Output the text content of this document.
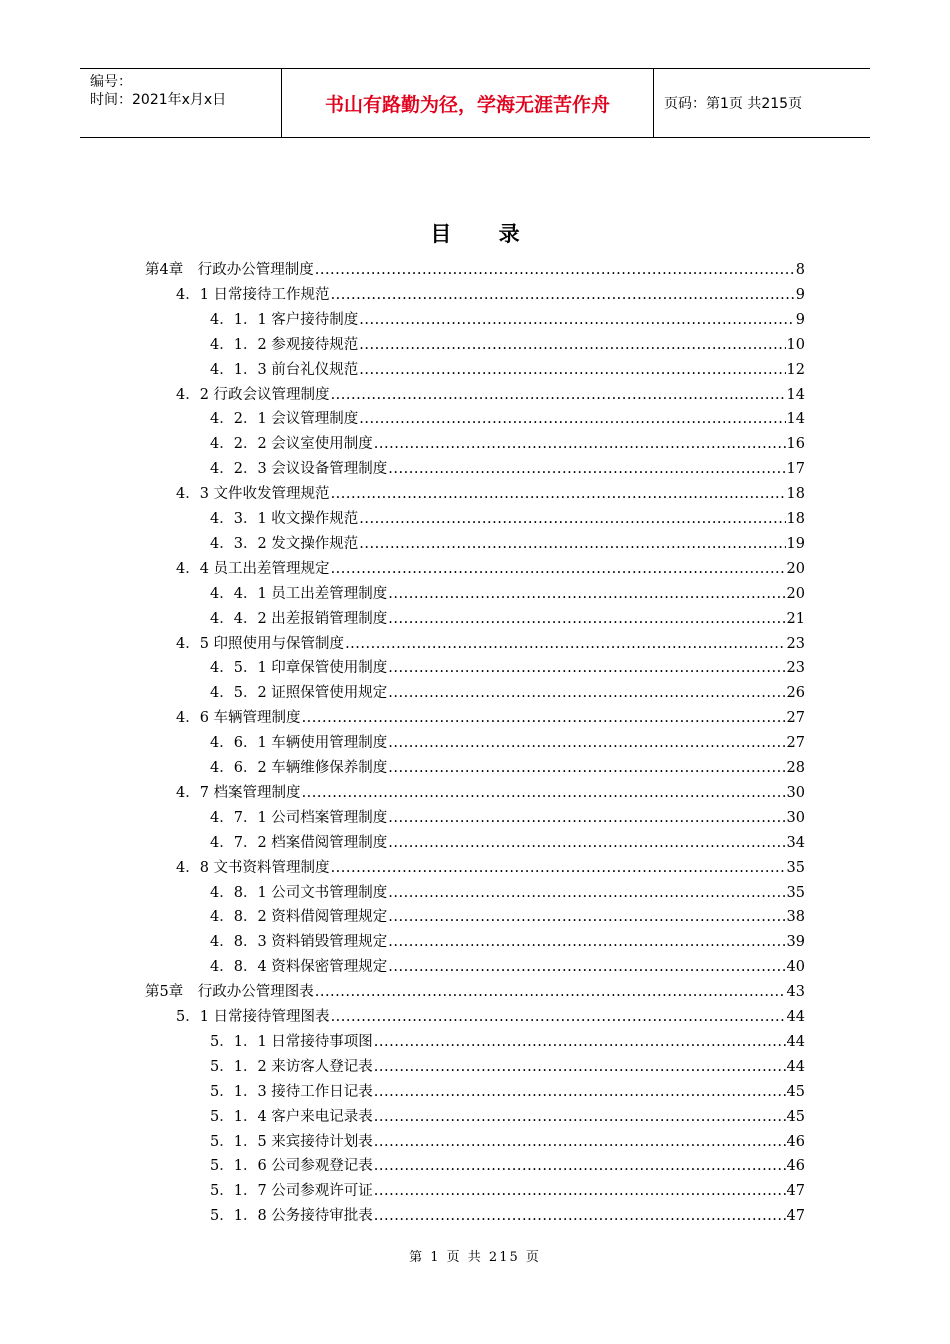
编号：
时间：2021年x月x日	书山有路勤为径，学海无涯苦作舟	页码：第1页 共215页
目 录
第4章　行政办公管理制度 .....	8
4．1 日常接待工作规范 .....	9
4．1．1 客户接待制度 .....	9
4．1．2 参观接待规范 .....	10
4．1．3 前台礼仪规范 .....	12
4．2 行政会议管理制度 .....	14
4．2．1 会议管理制度 .....	14
4．2．2 会议室使用制度 .....	16
4．2．3 会议设备管理制度 .....	17
4．3 文件收发管理规范 .....	18
4．3．1 收文操作规范 .....	18
4．3．2 发文操作规范 .....	19
4．4 员工出差管理规定 .....	20
4．4．1 员工出差管理制度 .....	20
4．4．2 出差报销管理制度 .....	21
4．5 印照使用与保管制度 .....	23
4．5．1 印章保管使用制度 .....	23
4．5．2 证照保管使用规定 .....	26
4．6 车辆管理制度 .....	27
4．6．1 车辆使用管理制度 .....	27
4．6．2 车辆维修保养制度 .....	28
4．7 档案管理制度 .....	30
4．7．1 公司档案管理制度 .....	30
4．7．2 档案借阅管理制度 .....	34
4．8 文书资料管理制度 .....	35
4．8．1 公司文书管理制度 .....	35
4．8．2 资料借阅管理规定 .....	38
4．8．3 资料销毁管理规定 .....	39
4．8．4 资料保密管理规定 .....	40
第5章　行政办公管理图表 .....	43
5．1 日常接待管理图表 .....	44
5．1．1 日常接待事项图 .....	44
5．1．2 来访客人登记表 .....	44
5．1．3 接待工作日记表 .....	45
5．1．4 客户来电记录表 .....	45
5．1．5 来宾接待计划表 .....	46
5．1．6 公司参观登记表 .....	46
5．1．7 公司参观许可证 .....	47
5．1．8 公务接待审批表 .....	47
第 1 页 共 215 页
